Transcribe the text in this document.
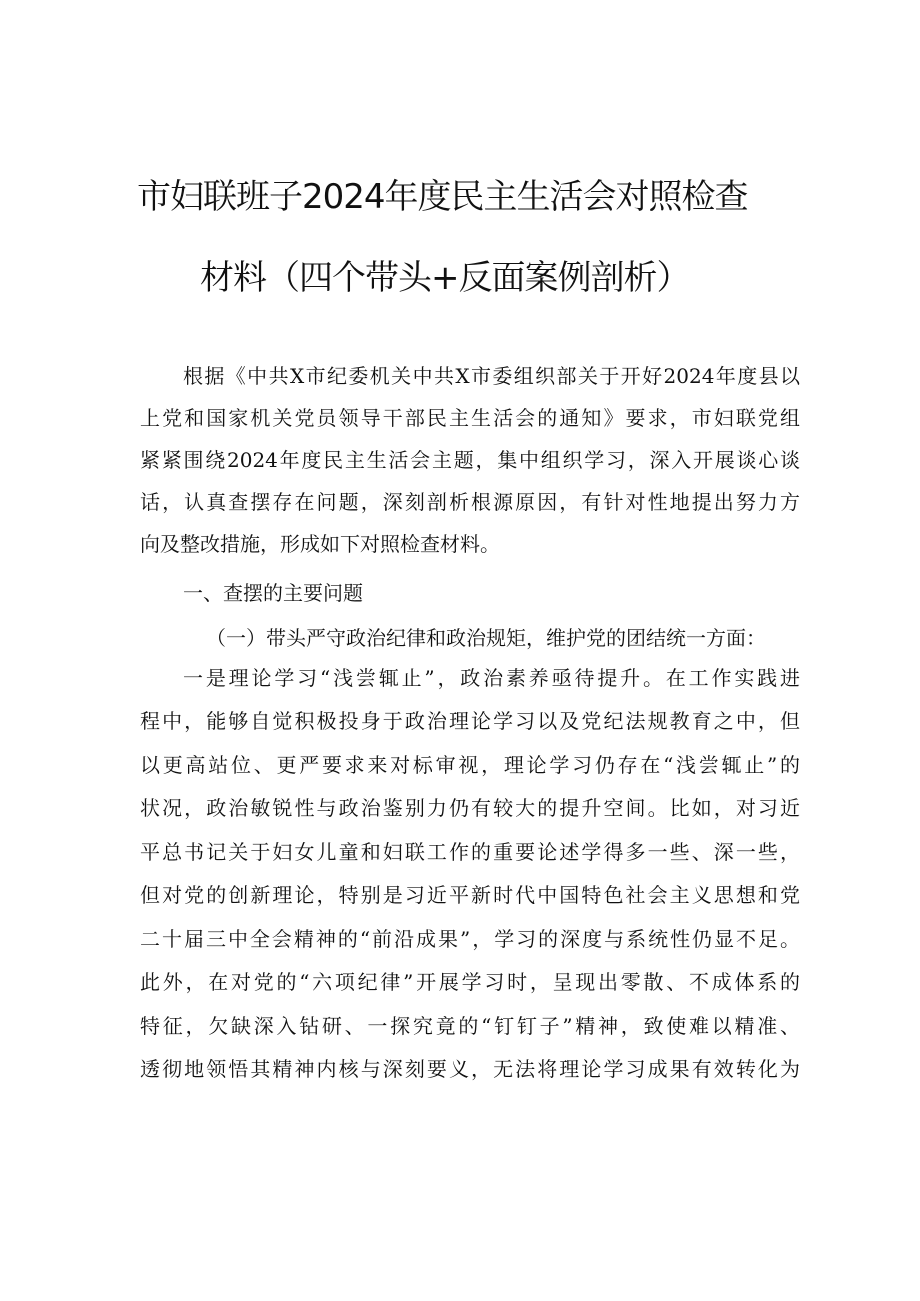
市妇联班子2024年度民主生活会对照检查
材料（四个带头+反面案例剖析）
根据《中共X市纪委机关中共X市委组织部关于开好2024年度县以
上党和国家机关党员领导干部民主生活会的通知》要求，市妇联党组
紧紧围绕2024年度民主生活会主题，集中组织学习，深入开展谈心谈
话，认真查摆存在问题，深刻剖析根源原因，有针对性地提出努力方
向及整改措施，形成如下对照检查材料。
一、查摆的主要问题
（一）带头严守政治纪律和政治规矩，维护党的团结统一方面：
一是理论学习“浅尝辄止”，政治素养亟待提升。在工作实践进
程中，能够自觉积极投身于政治理论学习以及党纪法规教育之中，但
以更高站位、更严要求来对标审视，理论学习仍存在“浅尝辄止”的
状况，政治敏锐性与政治鉴别力仍有较大的提升空间。比如，对习近
平总书记关于妇女儿童和妇联工作的重要论述学得多一些、深一些，
但对党的创新理论，特别是习近平新时代中国特色社会主义思想和党
二十届三中全会精神的“前沿成果”，学习的深度与系统性仍显不足。
此外，在对党的“六项纪律”开展学习时，呈现出零散、不成体系的
特征，欠缺深入钻研、一探究竟的“钉钉子”精神，致使难以精准、
透彻地领悟其精神内核与深刻要义，无法将理论学习成果有效转化为
